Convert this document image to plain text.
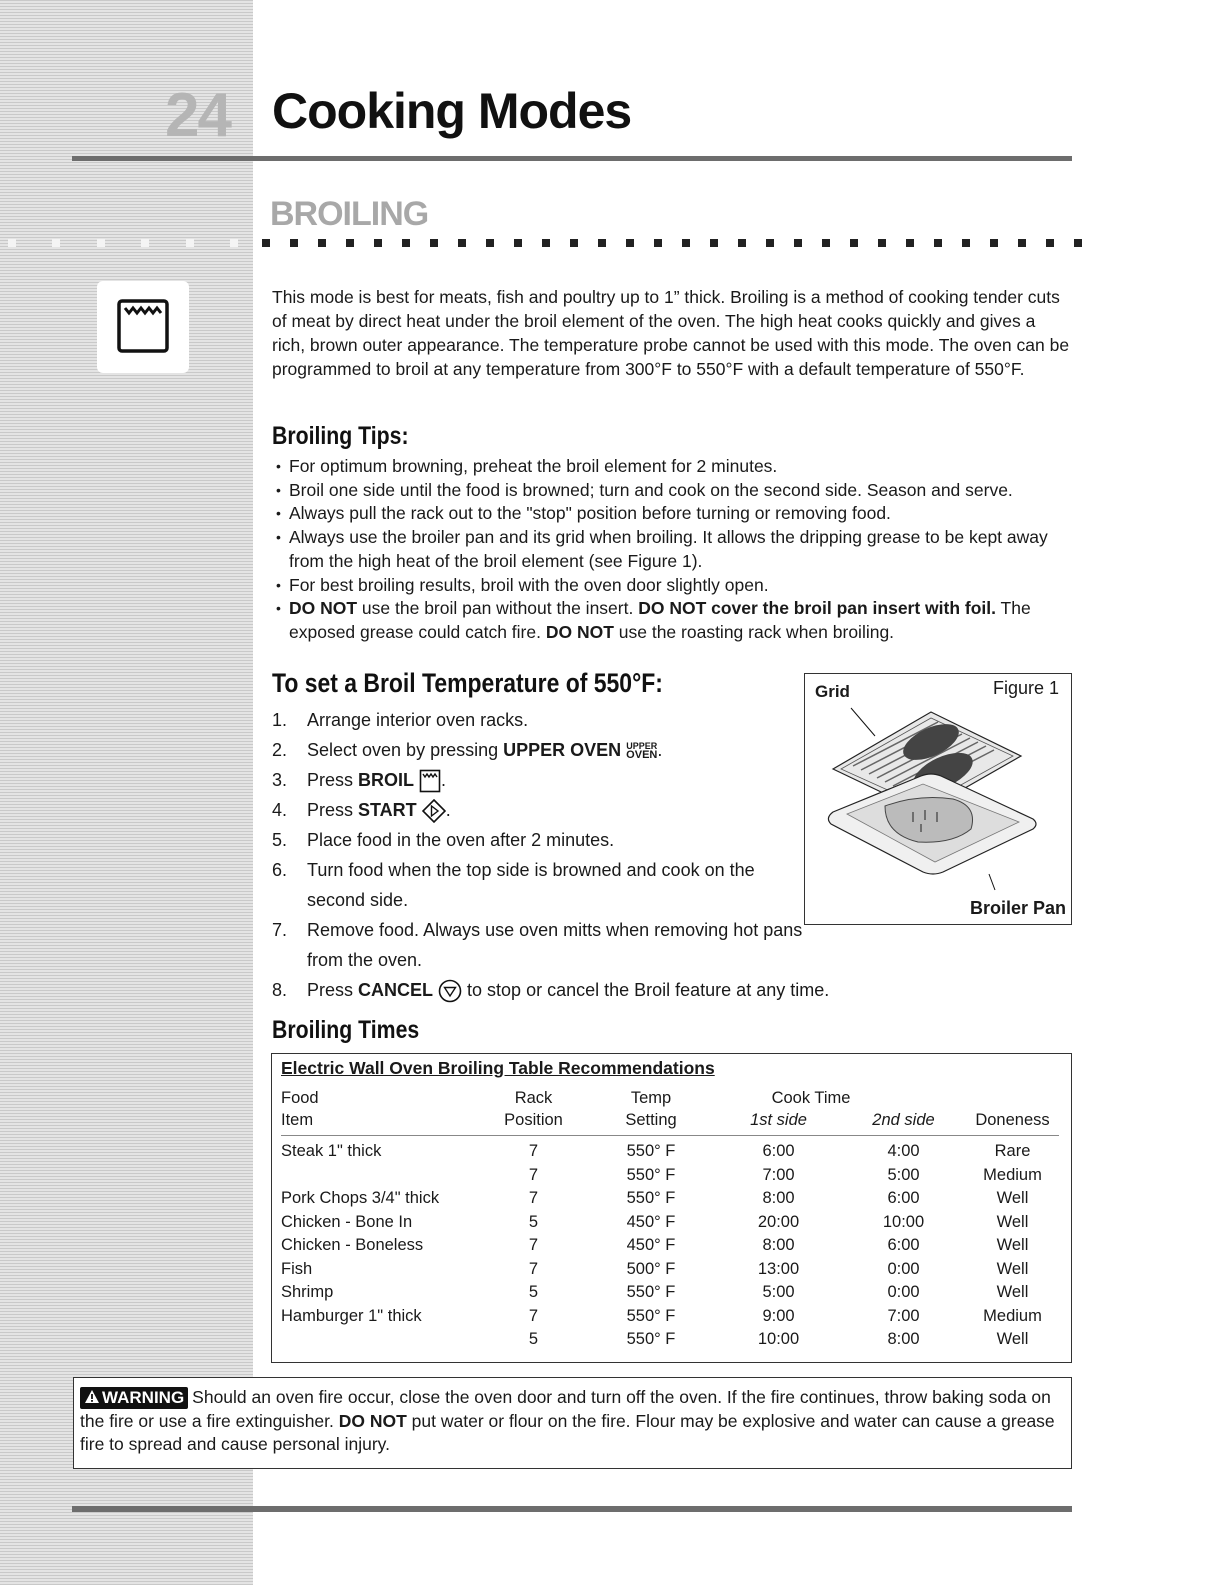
24 Cooking Modes
BROILING

This mode is best for meats, fish and poultry up to 1” thick. Broiling is a method of cooking tender cuts of meat by direct heat under the broil element of the oven. The high heat cooks quickly and gives a rich, brown outer appearance. The temperature probe cannot be used with this mode. The oven can be programmed to broil at any temperature from 300°F to 550°F with a default temperature of 550°F.

Broiling Tips:
• For optimum browning, preheat the broil element for 2 minutes.
• Broil one side until the food is browned; turn and cook on the second side. Season and serve.
• Always pull the rack out to the "stop" position before turning or removing food.
• Always use the broiler pan and its grid when broiling. It allows the dripping grease to be kept away from the high heat of the broil element (see Figure 1).
• For best broiling results, broil with the oven door slightly open.
• DO NOT use the broil pan without the insert. DO NOT cover the broil pan insert with foil. The exposed grease could catch fire. DO NOT use the roasting rack when broiling.
To set a Broil Temperature of 550°F:
1. Arrange interior oven racks.
2. Select oven by pressing UPPER OVEN UPPER
OVEN.
3. Press BROIL .
4. Press START .
5. Place food in the oven after 2 minutes.
6. Turn food when the top side is browned and cook on the second side.
7. Remove food. Always use oven mitts when removing hot pans from the oven.
8. Press CANCEL  to stop or cancel the Broil feature at any time.
Grid	Figure 1
Broiler Pan
Broiling Times
Electric Wall Oven Broiling Table Recommendations
Food	Rack	Temp	Cook Time		
Item	Position	Setting	1st side	2nd side	Doneness
Steak 1" thick	7	550° F	6:00	4:00	Rare
	7	550° F	7:00	5:00	Medium
Pork Chops 3/4" thick	7	550° F	8:00	6:00	Well
Chicken - Bone In	5	450° F	20:00	10:00	Well
Chicken - Boneless	7	450° F	8:00	6:00	Well
Fish	7	500° F	13:00	0:00	Well
Shrimp	5	550° F	5:00	0:00	Well
Hamburger 1" thick	7	550° F	9:00	7:00	Medium
	5	550° F	10:00	8:00	Well
WARNING Should an oven fire occur, close the oven door and turn off the oven. If the fire continues, throw baking soda on the fire or use a fire extinguisher. DO NOT put water or flour on the fire. Flour may be explosive and water can cause a grease fire to spread and cause personal injury.
